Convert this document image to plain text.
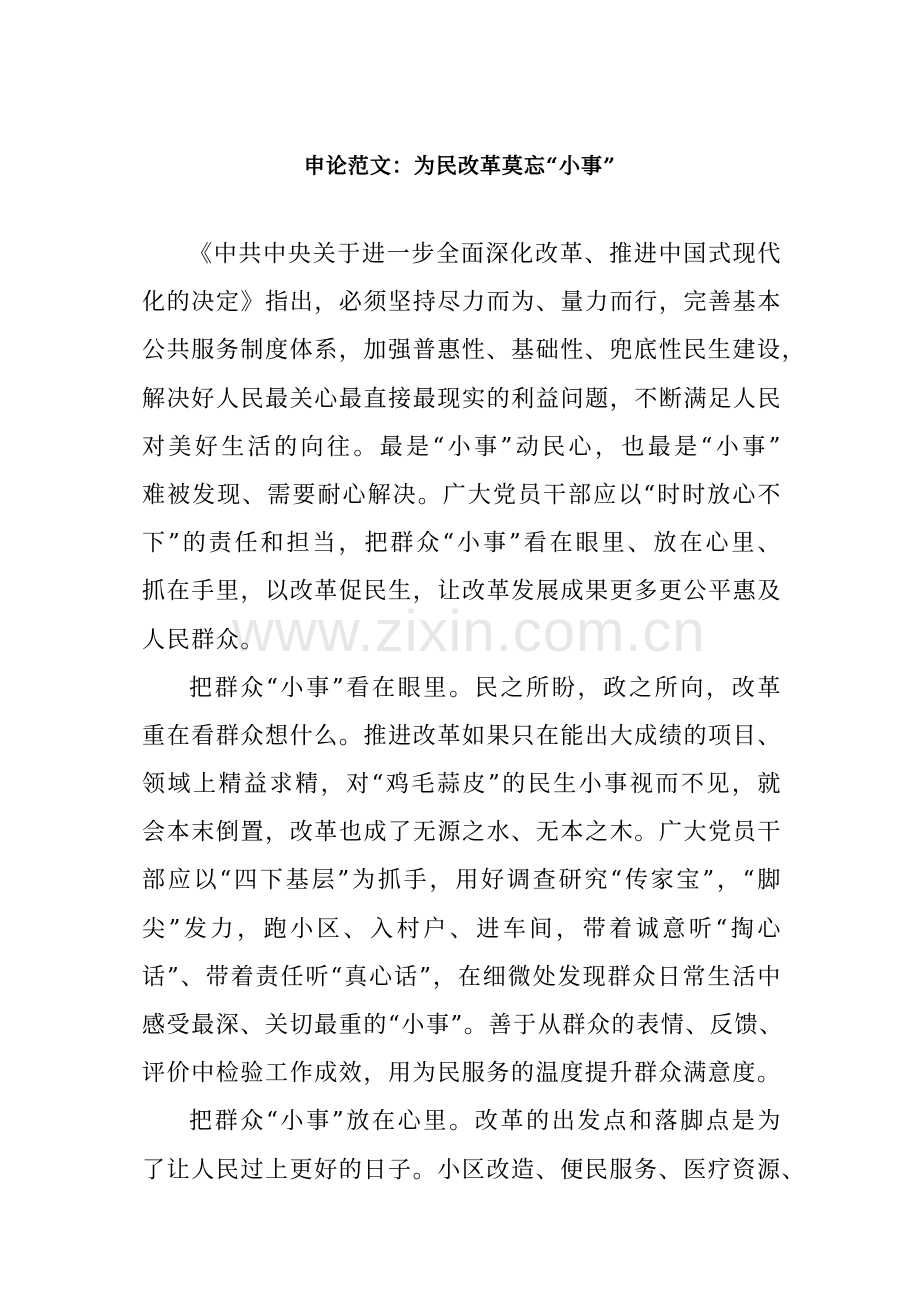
申论范文：为民改革莫忘“小事”
《中共中央关于进一步全面深化改革、推进中国式现代
化的决定》指出，必须坚持尽力而为、量力而行，完善基本
公共服务制度体系，加强普惠性、基础性、兜底性民生建设，
解决好人民最关心最直接最现实的利益问题，不断满足人民
对美好生活的向往。最是“小事”动民心，也最是“小事”
难被发现、需要耐心解决。广大党员干部应以“时时放心不
下”的责任和担当，把群众“小事”看在眼里、放在心里、
抓在手里，以改革促民生，让改革发展成果更多更公平惠及
人民群众。
把群众“小事”看在眼里。民之所盼，政之所向，改革
重在看群众想什么。推进改革如果只在能出大成绩的项目、
领域上精益求精，对“鸡毛蒜皮”的民生小事视而不见，就
会本末倒置，改革也成了无源之水、无本之木。广大党员干
部应以“四下基层”为抓手，用好调查研究“传家宝”，“脚
尖”发力，跑小区、入村户、进车间，带着诚意听“掏心
话”、带着责任听“真心话”，在细微处发现群众日常生活中
感受最深、关切最重的“小事”。善于从群众的表情、反馈、
评价中检验工作成效，用为民服务的温度提升群众满意度。
把群众“小事”放在心里。改革的出发点和落脚点是为
了让人民过上更好的日子。小区改造、便民服务、医疗资源、
www.zixin.com.cn
